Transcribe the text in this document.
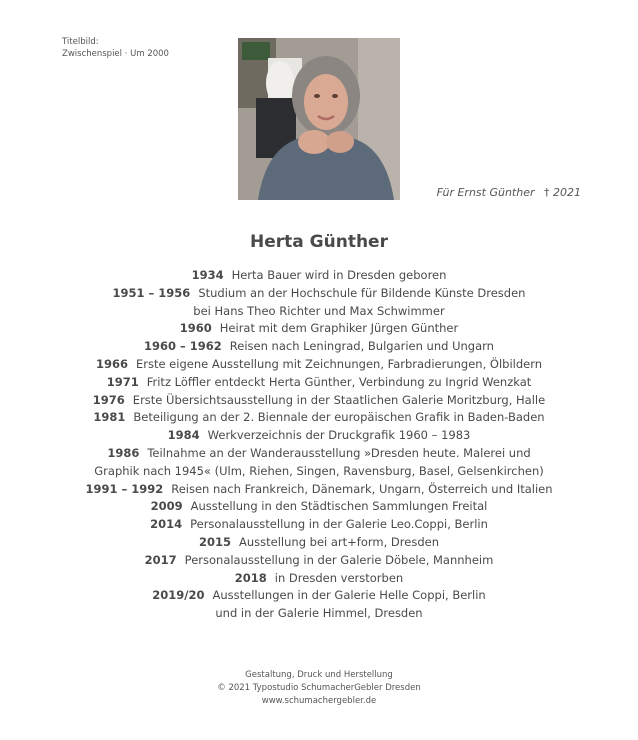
Titelbild:
Zwischenspiel · Um 2000
Für Ernst Günther † 2021
Herta Günther
1934 Herta Bauer wird in Dresden geboren
1951 – 1956 Studium an der Hochschule für Bildende Künste Dresden
bei Hans Theo Richter und Max Schwimmer
1960 Heirat mit dem Graphiker Jürgen Günther
1960 – 1962 Reisen nach Leningrad, Bulgarien und Ungarn
1966 Erste eigene Ausstellung mit Zeichnungen, Farbradierungen, Ölbildern
1971 Fritz Löffler entdeckt Herta Günther, Verbindung zu Ingrid Wenzkat
1976 Erste Übersichtsausstellung in der Staatlichen Galerie Moritzburg, Halle
1981 Beteiligung an der 2. Biennale der europäischen Grafik in Baden-Baden
1984 Werkverzeichnis der Druckgrafik 1960 – 1983
1986 Teilnahme an der Wanderausstellung »Dresden heute. Malerei und
Graphik nach 1945« (Ulm, Riehen, Singen, Ravensburg, Basel, Gelsenkirchen)
1991 – 1992 Reisen nach Frankreich, Dänemark, Ungarn, Österreich und Italien
2009 Ausstellung in den Städtischen Sammlungen Freital
2014 Personalausstellung in der Galerie Leo.Coppi, Berlin
2015 Ausstellung bei art+form, Dresden
2017 Personalausstellung in der Galerie Döbele, Mannheim
2018 in Dresden verstorben
2019/20 Ausstellungen in der Galerie Helle Coppi, Berlin
und in der Galerie Himmel, Dresden
Gestaltung, Druck und Herstellung
© 2021 Typostudio SchumacherGebler Dresden
www.schumachergebler.de
